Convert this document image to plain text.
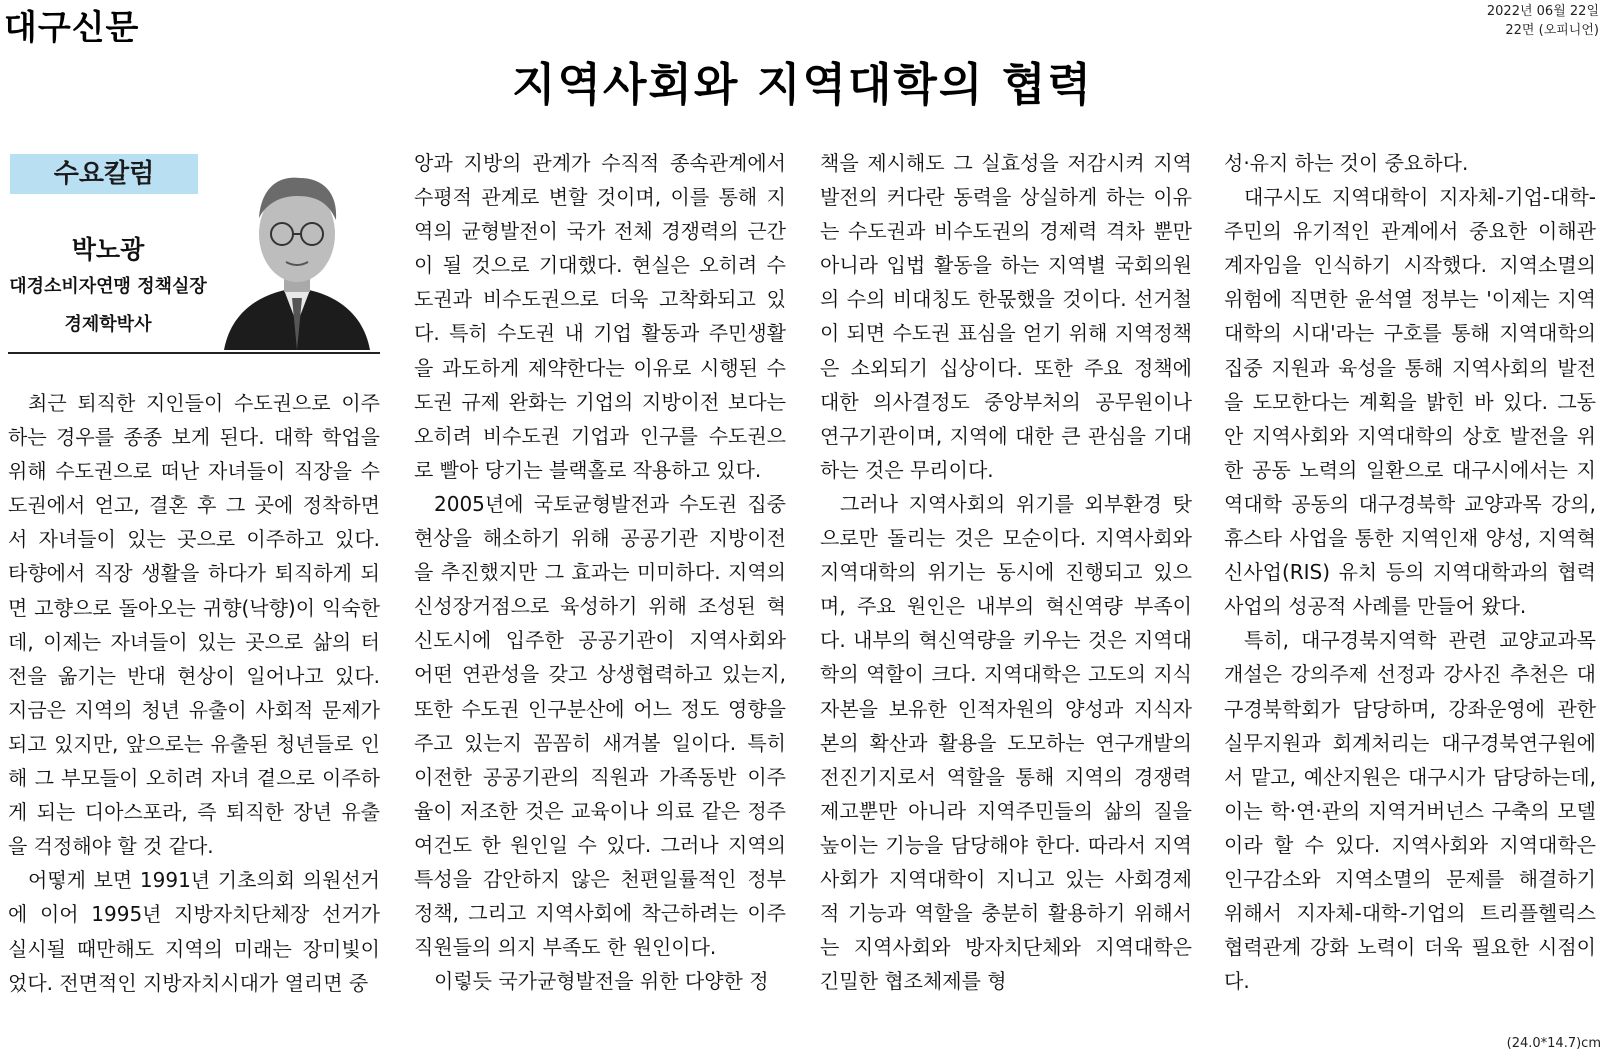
대구신문	2022년 06월 22일
22면 (오피니언)
지역사회와 지역대학의 협력
수요칼럼
박노광
대경소비자연맹 정책실장
경제학박사

최근 퇴직한 지인들이 수도권으로 이주하는 경우를 종종 보게 된다. 대학 학업을 위해 수도권으로 떠난 자녀들이 직장을 수도권에서 얻고, 결혼 후 그 곳에 정착하면서 자녀들이 있는 곳으로 이주하고 있다. 타향에서 직장 생활을 하다가 퇴직하게 되면 고향으로 돌아오는 귀향(낙향)이 익숙한데, 이제는 자녀들이 있는 곳으로 삶의 터전을 옮기는 반대 현상이 일어나고 있다. 지금은 지역의 청년 유출이 사회적 문제가 되고 있지만, 앞으로는 유출된 청년들로 인해 그 부모들이 오히려 자녀 곁으로 이주하게 되는 디아스포라, 즉 퇴직한 장년 유출을 걱정해야 할 것 같다.

어떻게 보면 1991년 기초의회 의원선거에 이어 1995년 지방자치단체장 선거가 실시될 때만해도 지역의 미래는 장미빛이었다. 전면적인 지방자치시대가 열리면 중

앙과 지방의 관계가 수직적 종속관계에서 수평적 관계로 변할 것이며, 이를 통해 지역의 균형발전이 국가 전체 경쟁력의 근간이 될 것으로 기대했다. 현실은 오히려 수도권과 비수도권으로 더욱 고착화되고 있다. 특히 수도권 내 기업 활동과 주민생활을 과도하게 제약한다는 이유로 시행된 수도권 규제 완화는 기업의 지방이전 보다는 오히려 비수도권 기업과 인구를 수도권으로 빨아 당기는 블랙홀로 작용하고 있다.

2005년에 국토균형발전과 수도권 집중현상을 해소하기 위해 공공기관 지방이전을 추진했지만 그 효과는 미미하다. 지역의 신성장거점으로 육성하기 위해 조성된 혁신도시에 입주한 공공기관이 지역사회와 어떤 연관성을 갖고 상생협력하고 있는지, 또한 수도권 인구분산에 어느 정도 영향을 주고 있는지 꼼꼼히 새겨볼 일이다. 특히 이전한 공공기관의 직원과 가족동반 이주율이 저조한 것은 교육이나 의료 같은 정주여건도 한 원인일 수 있다. 그러나 지역의 특성을 감안하지 않은 천편일률적인 정부정책, 그리고 지역사회에 착근하려는 이주 직원들의 의지 부족도 한 원인이다.

이렇듯 국가균형발전을 위한 다양한 정

책을 제시해도 그 실효성을 저감시켜 지역발전의 커다란 동력을 상실하게 하는 이유는 수도권과 비수도권의 경제력 격차 뿐만 아니라 입법 활동을 하는 지역별 국회의원의 수의 비대칭도 한몫했을 것이다. 선거철이 되면 수도권 표심을 얻기 위해 지역정책은 소외되기 십상이다. 또한 주요 정책에 대한 의사결정도 중앙부처의 공무원이나 연구기관이며, 지역에 대한 큰 관심을 기대하는 것은 무리이다.

그러나 지역사회의 위기를 외부환경 탓으로만 돌리는 것은 모순이다. 지역사회와 지역대학의 위기는 동시에 진행되고 있으며, 주요 원인은 내부의 혁신역량 부족이다. 내부의 혁신역량을 키우는 것은 지역대학의 역할이 크다. 지역대학은 고도의 지식자본을 보유한 인적자원의 양성과 지식자본의 확산과 활용을 도모하는 연구개발의 전진기지로서 역할을 통해 지역의 경쟁력 제고뿐만 아니라 지역주민들의 삶의 질을 높이는 기능을 담당해야 한다. 따라서 지역사회가 지역대학이 지니고 있는 사회경제적 기능과 역할을 충분히 활용하기 위해서는 지역사회와 방자치단체와 지역대학은 긴밀한 협조체제를 형

성·유지 하는 것이 중요하다.

대구시도 지역대학이 지자체-기업-대학-주민의 유기적인 관계에서 중요한 이해관계자임을 인식하기 시작했다. 지역소멸의 위험에 직면한 윤석열 정부는 '이제는 지역대학의 시대'라는 구호를 통해 지역대학의 집중 지원과 육성을 통해 지역사회의 발전을 도모한다는 계획을 밝힌 바 있다. 그동안 지역사회와 지역대학의 상호 발전을 위한 공동 노력의 일환으로 대구시에서는 지역대학 공동의 대구경북학 교양과목 강의, 휴스타 사업을 통한 지역인재 양성, 지역혁신사업(RIS) 유치 등의 지역대학과의 협력사업의 성공적 사례를 만들어 왔다.

특히, 대구경북지역학 관련 교양교과목 개설은 강의주제 선정과 강사진 추천은 대구경북학회가 담당하며, 강좌운영에 관한 실무지원과 회계처리는 대구경북연구원에서 맡고, 예산지원은 대구시가 담당하는데, 이는 학·연·관의 지역거버넌스 구축의 모델이라 할 수 있다. 지역사회와 지역대학은 인구감소와 지역소멸의 문제를 해결하기 위해서 지자체-대학-기업의 트리플헬릭스 협력관계 강화 노력이 더욱 필요한 시점이다.

(24.0*14.7)cm
